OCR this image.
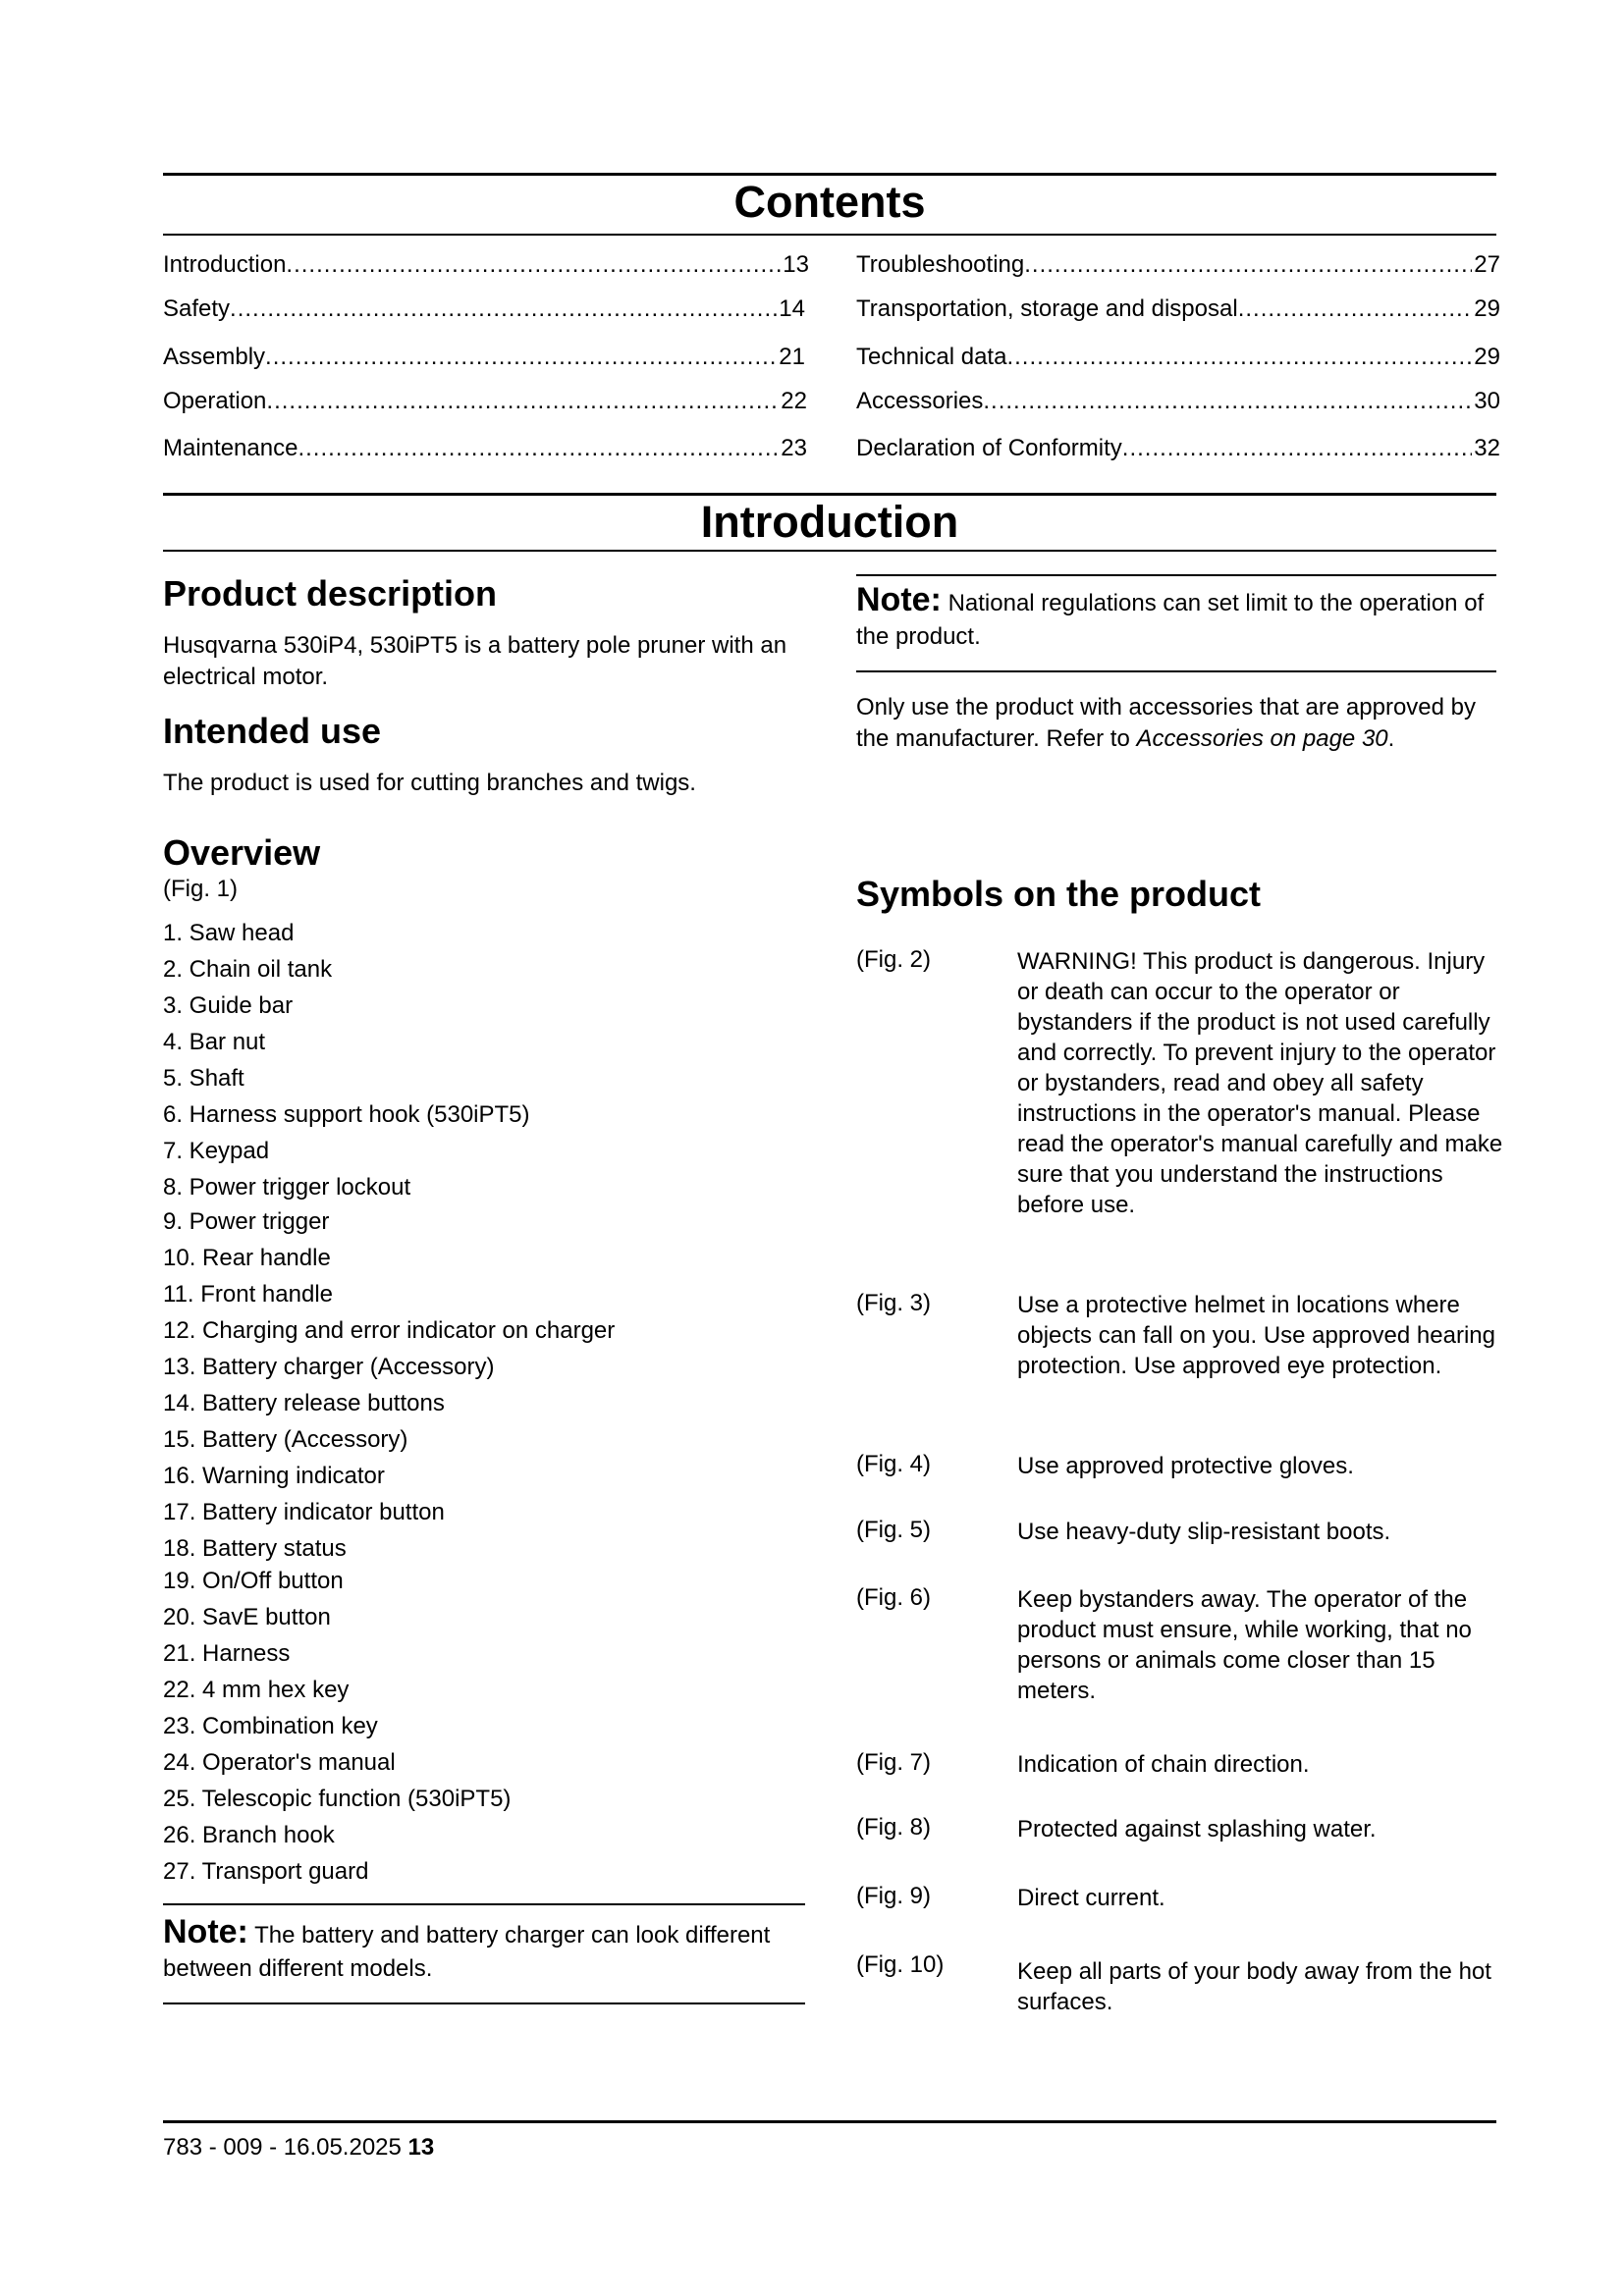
Contents
Introduction .....	13
Safety .....	14
Assembly .....	21
Operation .....	22
Maintenance .....	23
Troubleshooting .....	27
Transportation, storage and disposal .....	29
Technical data .....	29
Accessories .....	30
Declaration of Conformity .....	32
Introduction
Product description
Husqvarna 530iP4, 530iPT5 is a battery pole pruner with an electrical motor.
Intended use
The product is used for cutting branches and twigs.
Overview
(Fig. 1)
1. Saw head
2. Chain oil tank
3. Guide bar
4. Bar nut
5. Shaft
6. Harness support hook (530iPT5)
7. Keypad
8. Power trigger lockout
9. Power trigger
10. Rear handle
11. Front handle
12. Charging and error indicator on charger
13. Battery charger (Accessory)
14. Battery release buttons
15. Battery (Accessory)
16. Warning indicator
17. Battery indicator button
18. Battery status
19. On/Off button
20. SavE button
21. Harness
22. 4 mm hex key
23. Combination key
24. Operator's manual
25. Telescopic function (530iPT5)
26. Branch hook
27. Transport guard
Note: The battery and battery charger can look different between different models.
Note: National regulations can set limit to the operation of the product.
Only use the product with accessories that are approved by the manufacturer. Refer to Accessories on page 30.
Symbols on the product
(Fig. 2)	WARNING! This product is dangerous. Injury or death can occur to the operator or bystanders if the product is not used carefully and correctly. To prevent injury to the operator or bystanders, read and obey all safety instructions in the operator's manual. Please read the operator's manual carefully and make sure that you understand the instructions before use.
(Fig. 3)	Use a protective helmet in locations where objects can fall on you. Use approved hearing protection. Use approved eye protection.
(Fig. 4)	Use approved protective gloves.
(Fig. 5)	Use heavy-duty slip-resistant boots.
(Fig. 6)	Keep bystanders away. The operator of the product must ensure, while working, that no persons or animals come closer than 15 meters.
(Fig. 7)	Indication of chain direction.
(Fig. 8)	Protected against splashing water.
(Fig. 9)	Direct current.
(Fig. 10)	Keep all parts of your body away from the hot surfaces.
783 - 009 - 16.05.2025 13
